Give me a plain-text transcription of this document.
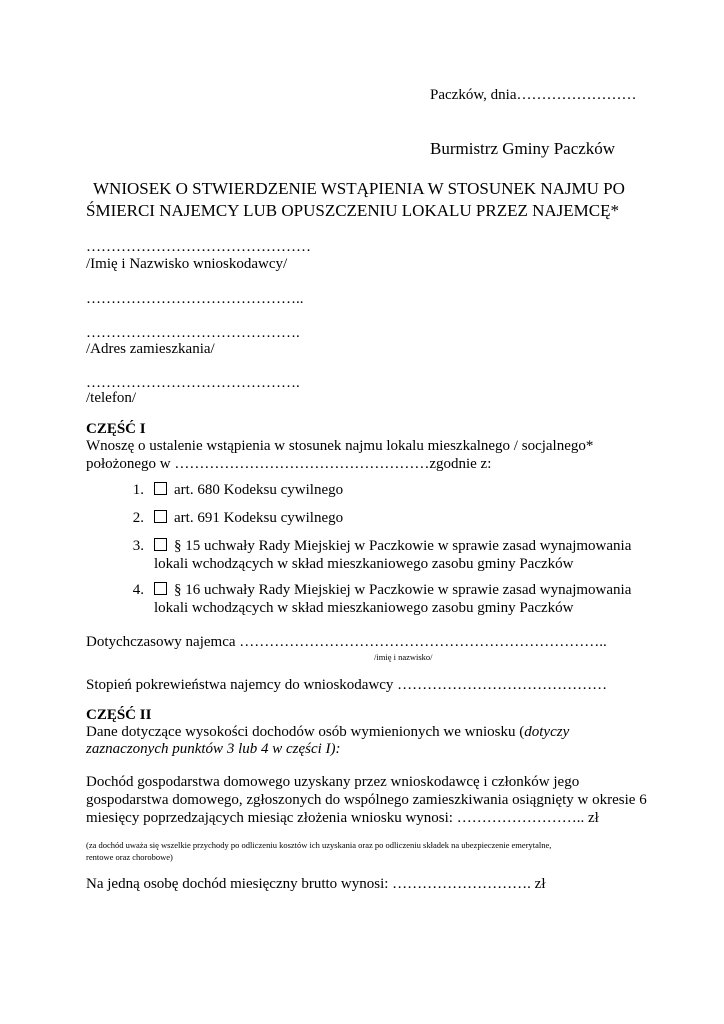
Paczków, dnia……………………
Burmistrz Gminy Paczków
WNIOSEK O STWIERDZENIE WSTĄPIENIA W STOSUNEK NAJMU PO
ŚMIERCI NAJEMCY LUB OPUSZCZENIU LOKALU PRZEZ NAJEMCĘ*
………………………………………
/Imię i Nazwisko wnioskodawcy/
……………………………………..
…………………………………….
/Adres zamieszkania/
…………………………………….
/telefon/
CZĘŚĆ I
Wnoszę o ustalenie wstąpienia w stosunek najmu lokalu mieszkalnego / socjalnego*
położonego w ……………………………………………zgodnie z:
1. art. 680 Kodeksu cywilnego
2. art. 691 Kodeksu cywilnego
3. § 15 uchwały Rady Miejskiej w Paczkowie w sprawie zasad wynajmowania
lokali wchodzących w skład mieszkaniowego zasobu gminy Paczków
4. § 16 uchwały Rady Miejskiej w Paczkowie w sprawie zasad wynajmowania
lokali wchodzących w skład mieszkaniowego zasobu gminy Paczków
Dotychczasowy najemca ………………………………………………………………..
/imię i nazwisko/
Stopień pokrewieństwa najemcy do wnioskodawcy ……………………………………
CZĘŚĆ II
Dane dotyczące wysokości dochodów osób wymienionych we wniosku (dotyczy
zaznaczonych punktów 3 lub 4 w części I):
Dochód gospodarstwa domowego uzyskany przez wnioskodawcę i członków jego
gospodarstwa domowego, zgłoszonych do wspólnego zamieszkiwania osiągnięty w okresie 6
miesięcy poprzedzających miesiąc złożenia wniosku wynosi: …………………….. zł
(za dochód uważa się wszelkie przychody po odliczeniu kosztów ich uzyskania oraz po odliczeniu składek na ubezpieczenie emerytalne,
rentowe oraz chorobowe)
Na jedną osobę dochód miesięczny brutto wynosi: ………………………. zł
